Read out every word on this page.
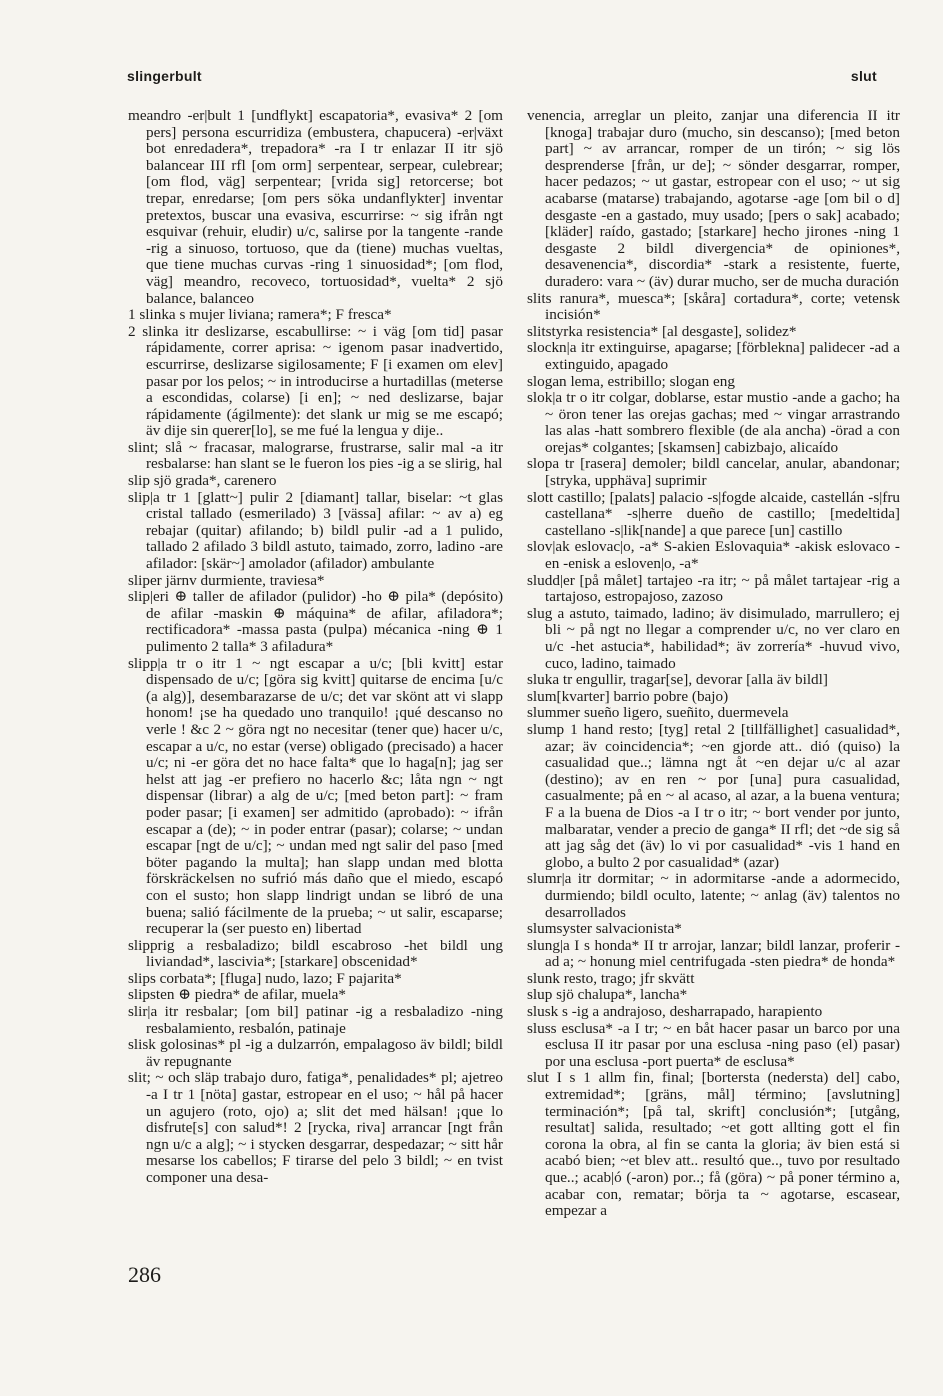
slingerbult	slut

meandro -er|bult 1 [undflykt] escapatoria*, evasiva* 2 [om pers] persona escurridiza (embustera, chapucera) -er|växt bot enredadera*, trepadora* -ra I tr enlazar II itr sjö balancear III rfl [om orm] serpentear, serpear, culebrear; [om flod, väg] serpentear; [vrida sig] retorcerse; bot trepar, enredarse; [om pers söka undanflykter] inventar pretextos, buscar una evasiva, escurrirse: ~ sig ifrån ngt esquivar (rehuir, eludir) u/c, salirse por la tangente -rande -rig a sinuoso, tortuoso, que da (tiene) muchas vueltas, que tiene muchas curvas -ring 1 sinuosidad*; [om flod, väg] meandro, recoveco, tortuosidad*, vuelta* 2 sjö balance, balanceo

1 slinka s mujer liviana; ramera*; F fresca*

2 slinka itr deslizarse, escabullirse: ~ i väg [om tid] pasar rápidamente, correr aprisa: ~ igenom pasar inadvertido, escurrirse, deslizarse sigilosamente; F [i examen om elev] pasar por los pelos; ~ in introducirse a hurtadillas (meterse a escondidas, colarse) [i en]; ~ ned deslizarse, bajar rápidamente (ágilmente): det slank ur mig se me escapó; äv dije sin querer[lo], se me fué la lengua y dije..

slint; slå ~ fracasar, malograrse, frustrarse, salir mal -a itr resbalarse: han slant se le fueron los pies -ig a se slirig, hal

slip sjö grada*, carenero

slip|a tr 1 [glatt~] pulir 2 [diamant] tallar, biselar: ~t glas cristal tallado (esmerilado) 3 [vässa] afilar: ~ av a) eg rebajar (quitar) afilando; b) bildl pulir -ad a 1 pulido, tallado 2 afilado 3 bildl astuto, taimado, zorro, ladino -are afilador: [skär~] amolador (afilador) ambulante

sliper järnv durmiente, traviesa*

slip|eri ⊕ taller de afilador (pulidor) -ho ⊕ pila* (depósito) de afilar -maskin ⊕ máquina* de afilar, afiladora*; rectificadora* -massa pasta (pulpa) mécanica -ning ⊕ 1 pulimento 2 talla* 3 afiladura*

slipp|a tr o itr 1 ~ ngt escapar a u/c; [bli kvitt] estar dispensado de u/c; [göra sig kvitt] quitarse de encima [u/c (a alg)], desembarazarse de u/c; det var skönt att vi slapp honom! ¡se ha quedado uno tranquilo! ¡qué descanso no verle ! &c 2 ~ göra ngt no necesitar (tener que) hacer u/c, escapar a u/c, no estar (verse) obligado (precisado) a hacer u/c; ni -er göra det no hace falta* que lo haga[n]; jag ser helst att jag -er prefiero no hacerlo &c; låta ngn ~ ngt dispensar (librar) a alg de u/c; [med beton part]: ~ fram poder pasar; [i examen] ser admitido (aprobado): ~ ifrån escapar a (de); ~ in poder entrar (pasar); colarse; ~ undan escapar [ngt de u/c]; ~ undan med ngt salir del paso [med böter pagando la multa]; han slapp undan med blotta förskräckelsen no sufrió más daño que el miedo, escapó con el susto; hon slapp lindrigt undan se libró de una buena; salió fácilmente de la prueba; ~ ut salir, escaparse; recuperar la (ser puesto en) libertad

slipprig a resbaladizo; bildl escabroso -het bildl ung liviandad*, lascivia*; [starkare] obscenidad*

slips corbata*; [fluga] nudo, lazo; F pajarita*

slipsten ⊕ piedra* de afilar, muela*

slir|a itr resbalar; [om bil] patinar -ig a resbaladizo -ning resbalamiento, resbalón, patinaje

slisk golosinas* pl -ig a dulzarrón, empalagoso äv bildl; bildl äv repugnante

slit; ~ och släp trabajo duro, fatiga*, penalidades* pl; ajetreo -a I tr 1 [nöta] gastar, estropear en el uso; ~ hål på hacer un agujero (roto, ojo) a; slit det med hälsan! ¡que lo disfrute[s] con salud*! 2 [rycka, riva] arrancar [ngt från ngn u/c a alg]; ~ i stycken desgarrar, despedazar; ~ sitt hår mesarse los cabellos; F tirarse del pelo 3 bildl; ~ en tvist componer una desa-

venencia, arreglar un pleito, zanjar una diferencia II itr [knoga] trabajar duro (mucho, sin descanso); [med beton part] ~ av arrancar, romper de un tirón; ~ sig lös desprenderse [från, ur de]; ~ sönder desgarrar, romper, hacer pedazos; ~ ut gastar, estropear con el uso; ~ ut sig acabarse (matarse) trabajando, agotarse -age [om bil o d] desgaste -en a gastado, muy usado; [pers o sak] acabado; [kläder] raído, gastado; [starkare] hecho jirones -ning 1 desgaste 2 bildl divergencia* de opiniones*, desavenencia*, discordia* -stark a resistente, fuerte, duradero: vara ~ (äv) durar mucho, ser de mucha duración

slits ranura*, muesca*; [skåra] cortadura*, corte; vetensk incisión*

slitstyrka resistencia* [al desgaste], solidez*

slockn|a itr extinguirse, apagarse; [förblekna] palidecer -ad a extinguido, apagado

slogan lema, estribillo; slogan eng

slok|a tr o itr colgar, doblarse, estar mustio -ande a gacho; ha ~ öron tener las orejas gachas; med ~ vingar arrastrando las alas -hatt sombrero flexible (de ala ancha) -örad a con orejas* colgantes; [skamsen] cabizbajo, alicaído

slopa tr [rasera] demoler; bildl cancelar, anular, abandonar; [stryka, upphäva] suprimir

slott castillo; [palats] palacio -s|fogde alcaide, castellán -s|fru castellana* -s|herre dueño de castillo; [medeltida] castellano -s|lik[nande] a que parece [un] castillo

slov|ak eslovac|o, -a* S-akien Eslovaquia* -akisk eslovaco -en -enisk a esloven|o, -a*

sludd|er [på målet] tartajeo -ra itr; ~ på målet tartajear -rig a tartajoso, estropajoso, zazoso

slug a astuto, taimado, ladino; äv disimulado, marrullero; ej bli ~ på ngt no llegar a comprender u/c, no ver claro en u/c -het astucia*, habilidad*; äv zorrería* -huvud vivo, cuco, ladino, taimado

sluka tr engullir, tragar[se], devorar [alla äv bildl]

slum[kvarter] barrio pobre (bajo)

slummer sueño ligero, sueñito, duermevela

slump 1 hand resto; [tyg] retal 2 [tillfällighet] casualidad*, azar; äv coincidencia*; ~en gjorde att.. dió (quiso) la casualidad que..; lämna ngt åt ~en dejar u/c al azar (destino); av en ren ~ por [una] pura casualidad, casualmente; på en ~ al acaso, al azar, a la buena ventura; F a la buena de Dios -a I tr o itr; ~ bort vender por junto, malbaratar, vender a precio de ganga* II rfl; det ~de sig så att jag såg det (äv) lo vi por casualidad* -vis 1 hand en globo, a bulto 2 por casualidad* (azar)

slumr|a itr dormitar; ~ in adormitarse -ande a adormecido, durmiendo; bildl oculto, latente; ~ anlag (äv) talentos no desarrollados

slumsyster salvacionista*

slung|a I s honda* II tr arrojar, lanzar; bildl lanzar, proferir -ad a; ~ honung miel centrifugada -sten piedra* de honda*

slunk resto, trago; jfr skvätt

slup sjö chalupa*, lancha*

slusk s -ig a andrajoso, desharrapado, harapiento

sluss esclusa* -a I tr; ~ en båt hacer pasar un barco por una esclusa II itr pasar por una esclusa -ning paso (el) pasar) por una esclusa -port puerta* de esclusa*

slut I s 1 allm fin, final; [bortersta (nedersta) del] cabo, extremidad*; [gräns, mål] término; [avslutning] terminación*; [på tal, skrift] conclusión*; [utgång, resultat] salida, resultado; ~et gott allting gott el fin corona la obra, al fin se canta la gloria; äv bien está si acabó bien; ~et blev att.. resultó que.., tuvo por resultado que..; acab|ó (-aron) por..; få (göra) ~ på poner término a, acabar con, rematar; börja ta ~ agotarse, escasear, empezar a

286
